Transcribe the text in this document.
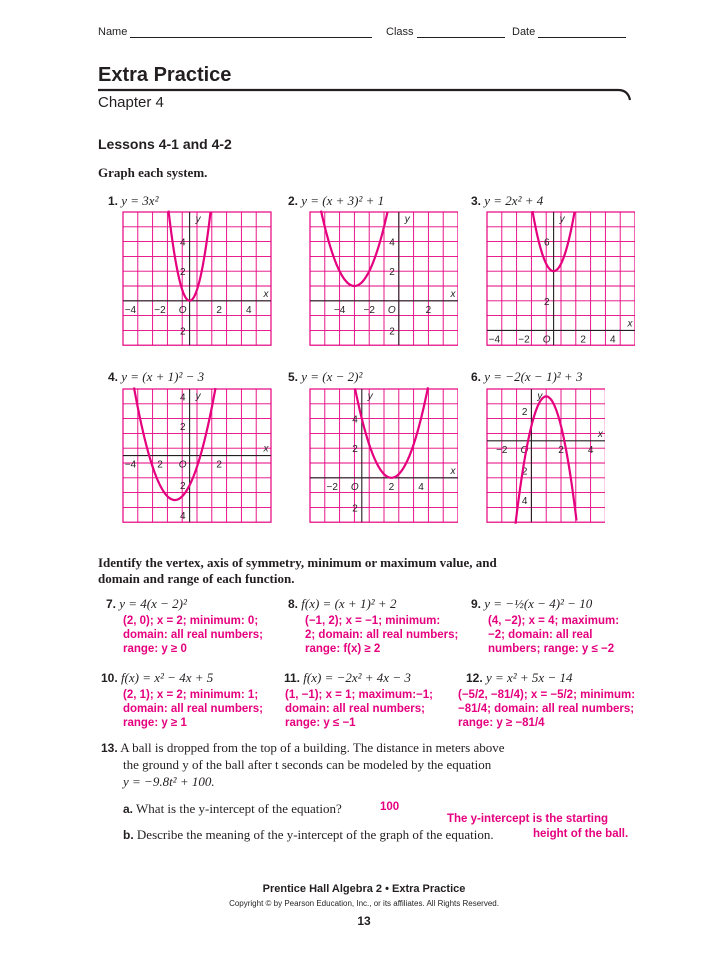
Name	Class	Date
Extra Practice
Chapter 4
Lessons 4-1 and 4-2
Graph each system.
1. y = 3x²	2. y = (x + 3)² + 1	3. y = 2x² + 4
4. y = (x + 1)² − 3	5. y = (x − 2)²	6. y = −2(x − 1)² + 3
x
y
O
−4 −2	2 4
4
2
2
x
y
O
−4 −2	2
4
2
2
x
y
O
−4 −2	2 4
6
2
x
y
O
−4 2	2
4
2
2
4
x
y
O
−2	2 4
4
2
2
x
y
O
−2	2 4
2
2
4
Identify the vertex, axis of symmetry, minimum or maximum value, and
domain and range of each function.
7. y = 4(x − 2)²
(2, 0); x = 2; minimum: 0;
domain: all real numbers;
range: y ≥ 0
8. f(x) = (x + 1)² + 2
(−1, 2); x = −1; minimum:
2; domain: all real numbers;
range: f(x) ≥ 2
9. y = −½(x − 4)² − 10
(4, −2); x = 4; maximum:
−2; domain: all real
numbers; range: y ≤ −2
10. f(x) = x² − 4x + 5
(2, 1); x = 2; minimum: 1;
domain: all real numbers;
range: y ≥ 1
11. f(x) = −2x² + 4x − 3
(1, −1); x = 1; maximum:−1;
domain: all real numbers;
range: y ≤ −1
12. y = x² + 5x − 14
(−5/2, −81/4); x = −5/2; minimum:
−81/4; domain: all real numbers;
range: y ≥ −81/4
13. A ball is dropped from the top of a building. The distance in meters above
the ground y of the ball after t seconds can be modeled by the equation
y = −9.8t² + 100.
a. What is the y-intercept of the equation?	100
The y-intercept is the starting
b. Describe the meaning of the y-intercept of the graph of the equation.	height of the ball.
Prentice Hall Algebra 2 • Extra Practice
Copyright © by Pearson Education, Inc., or its affiliates. All Rights Reserved.
13
